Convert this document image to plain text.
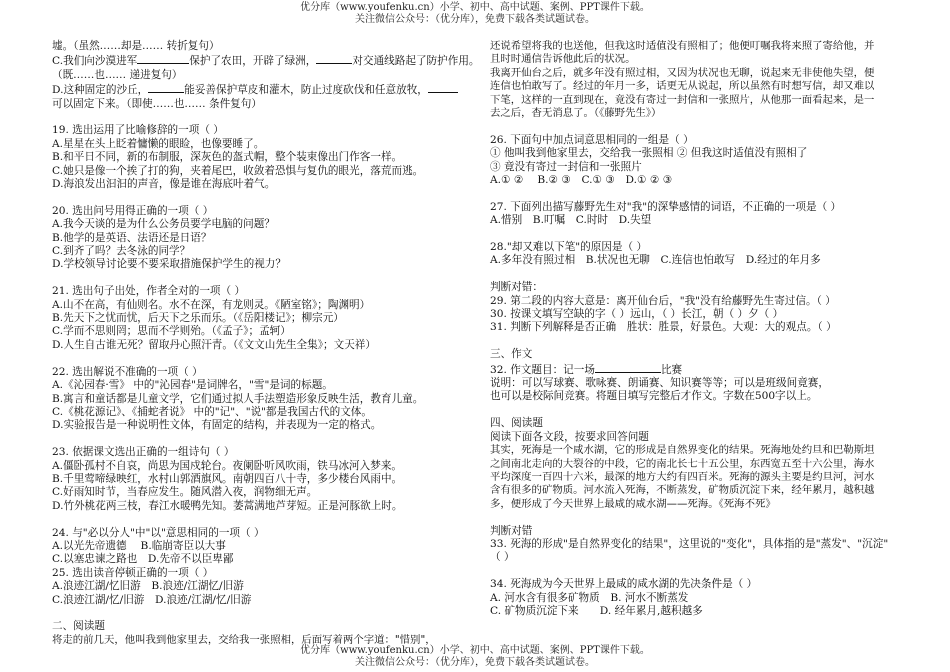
优分库（www.youfenku.cn）小学、初中、高中试题、案例、PPT课件下载。
关注微信公众号：（优分库），免费下载各类试题试卷。

墟。（虽然……却是…… 转折复句）

C.我们向沙漠进军	保护了农田，开辟了绿洲，	对交通线路起了防护作用。

（既……也…… 递进复句）

D.这种固定的沙丘，	能妥善保护草皮和灌木，防止过度砍伐和任意放牧，

可以固定下来。（即使……也…… 条件复句）

19. 选出运用了比喻修辞的一项（ ）

A.星星在头上眨着慵懒的眼睑，也像要睡了。

B.和平日不同，新的布制服，深灰色的盔式帽，整个装束像出门作客一样。

C.她只是像一个挨了打的狗，夹着尾巴，收敛着恐惧与复仇的眼光，落荒而逃。

D.海浪发出汩汩的声音，像是谁在海底叶着气。

20. 选出问号用得正确的一项（ ）

A.我今天谈的是为什么公务员要学电脑的问题？

B.他学的是英语、法语还是日语？

C.到齐了吗？去冬泳的同学？

D.学校领导讨论要不要采取措施保护学生的视力？

21. 选出句子出处，作者全对的一项（ ）

A.山不在高，有仙则名。水不在深，有龙则灵。《陋室铭》；陶渊明）

B.先天下之忧而忧，后天下之乐而乐。（《岳阳楼记》；柳宗元）

C.学而不思则罔；思而不学则殆。（《孟子》；孟轲）

D.人生自古谁无死？留取丹心照汗青。（《文文山先生全集》；文天祥）

22. 选出解说不准确的一项（ ）

A.《沁园春·雪》 中的"沁园春"是词牌名，"雪"是词的标题。

B.寓言和童话都是儿童文学，它们通过拟人手法塑造形象反映生活，教育儿童。

C.《桃花源记》、《捕蛇者说》 中的"记"、"说"都是我国古代的文体。

D.实验报告是一种说明性文体，有固定的结构，并表现为一定的格式。

23. 依据课文选出正确的一组诗句（ ）

A.僵卧孤村不自哀，尚思为国戍轮台。夜阑卧听风吹雨，铁马冰河入梦来。

B.千里莺啼绿映红，水村山郭酒旗风。南朝四百八十寺，多少楼台风雨中。

C.好雨知时节，当春应发生。随风潜入夜，润物细无声。

D.竹外桃花两三枝，春江水暖鸭先知。萎蒿满地芦芽短。正是河豚欲上时。

24. 与"必以分人"中"以"意思相同的一项（ ）

A.以光先帝遗德　 B.临崩寄臣以大事

C.以塞忠谏之路也　D.先帝不以臣卑鄙

25. 选出读音停顿正确的一项（ ）

A.浪迹江湖/忆旧游　B.浪迹/江湖忆/旧游

C.浪迹江湖/忆/旧游　D.浪迹/江湖/忆/旧游

二、阅读题

将走的前几天，他叫我到他家里去，交给我一张照相，后面写着两个字道："惜别"，

还说希望将我的也送他，但我这时适值没有照相了；他便叮嘱我将来照了寄给他，并

且时时通信告诉他此后的状况。

我离开仙台之后，就多年没有照过相，又因为状况也无聊，说起来无非使他失望，便

连信也怕敢写了。经过的年月一多，话更无从说起，所以虽然有时想写信，却又难以

下笔，这样的一直到现在，竟没有寄过一封信和一张照片，从他那一面看起来，是一

去之后，杳无消息了。（《藤野先生》）

26. 下面句中加点词意思相同的一组是（ ）

① 他叫我到他家里去，交给我一张照相 ② 但我这时适值没有照相了

③ 竟没有寄过一封信和一张照片

A.① ②　 B.② ③　C.① ③　D.① ② ③

27. 下面列出描写藤野先生对"我"的深挚感情的词语，不正确的一项是（ ）

A.惜别　B.叮嘱　C.时时　D.失望

28."却又难以下笔"的原因是（ ）

A.多年没有照过相　B.状况也无聊　C.连信也怕敢写　D.经过的年月多

判断对错：

29. 第二段的内容大意是：离开仙台后，"我"没有给藤野先生寄过信。（ ）

30. 按课文填写空缺的字（ ）远山，（ ）长江，朝（ ）夕（ ）

31. 判断下列解释是否正确　胜状：胜景，好景色。大观：大的观点。（ ）

三、作文

32. 作文题目：记一场	比赛

说明：可以写球赛、歌咏赛、朗诵赛、知识赛等等；可以是班级间竟赛，

也可以是校际间竞赛。将题目填写完整后才作文。字数在500字以上。

四、阅读题

阅读下面各文段，按要求回答问题

其实，死海是一个咸水湖，它的形成是自然界变化的结果。死海地处约旦和巴勒斯坦

之间南北走向的大裂谷的中段，它的南北长七十五公里，东西宽五至十六公里，海水

平均深度一百四十六米，最深的地方大约有四百米。死海的源头主要是约旦河，河水

含有很多的矿物质。河水流入死海，不断蒸发，矿物质沉淀下来，经年累月，越积越

多，便形成了今天世界上最咸的咸水湖——死海。《死海不死》

判断对错

33. 死海的形成"是自然界变化的结果"，这里说的"变化"，具体指的是"蒸发"、"沉淀"

（ ）

34. 死海成为今天世界上最咸的咸水湖的先决条件是（ ）

A. 河水含有很多矿物质　B. 河水不断蒸发

C. 矿物质沉淀下来　　D. 经年累月,越积越多

优分库（www.youfenku.cn）小学、初中、高中试题、案例、PPT课件下载。
关注微信公众号：（优分库），免费下载各类试题试卷。
